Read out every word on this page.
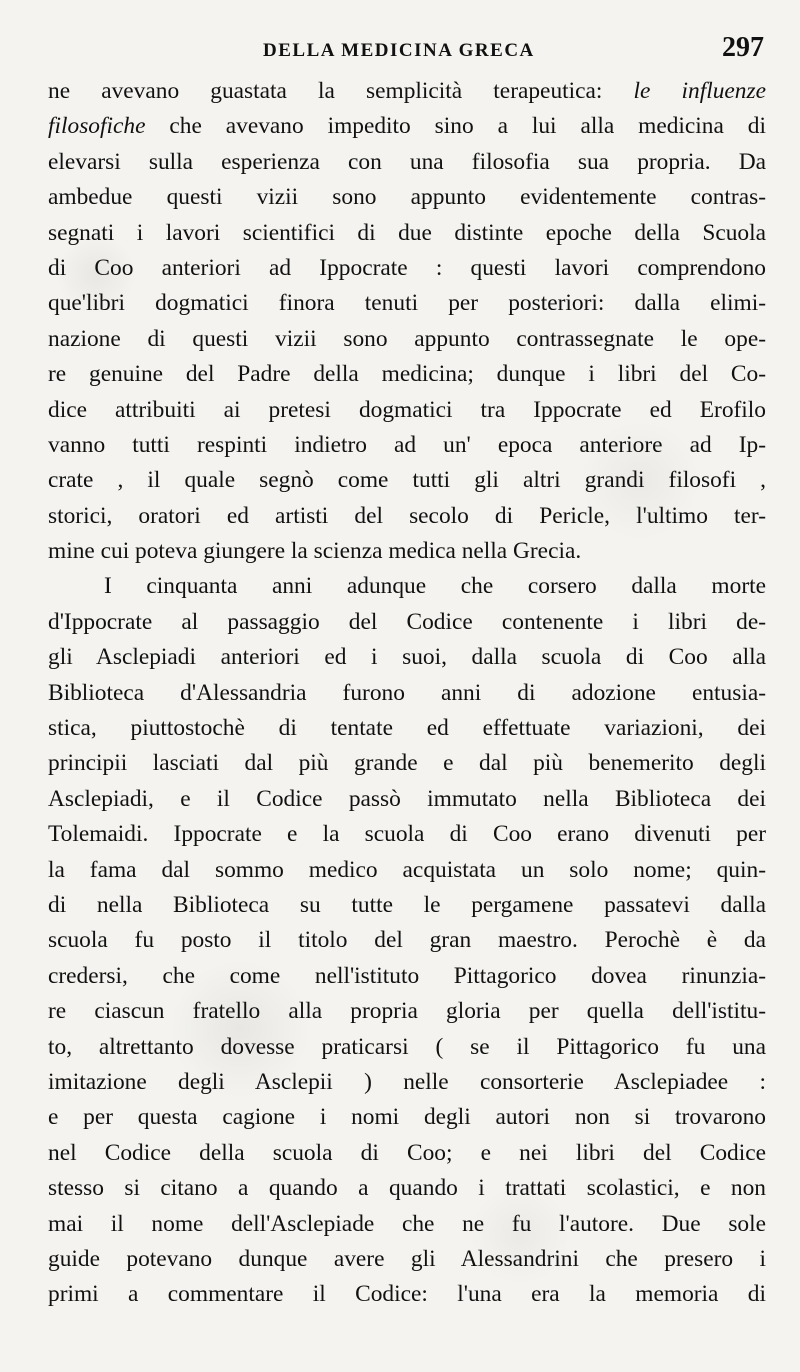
DELLA MEDICINA GRECA	297
ne avevano guastata la semplicità terapeutica: le influenze
filosofiche che avevano impedito sino a lui alla medicina di
elevarsi sulla esperienza con una filosofia sua propria. Da
ambedue questi vizii sono appunto evidentemente contras-
segnati i lavori scientifici di due distinte epoche della Scuola
di Coo anteriori ad Ippocrate : questi lavori comprendono
que'libri dogmatici finora tenuti per posteriori: dalla elimi-
nazione di questi vizii sono appunto contrassegnate le ope-
re genuine del Padre della medicina; dunque i libri del Co-
dice attribuiti ai pretesi dogmatici tra Ippocrate ed Erofilo
vanno tutti respinti indietro ad un' epoca anteriore ad Ip-
crate , il quale segnò come tutti gli altri grandi filosofi ,
storici, oratori ed artisti del secolo di Pericle, l'ultimo ter-
mine cui poteva giungere la scienza medica nella Grecia.
I cinquanta anni adunque che corsero dalla morte
d'Ippocrate al passaggio del Codice contenente i libri de-
gli Asclepiadi anteriori ed i suoi, dalla scuola di Coo alla
Biblioteca d'Alessandria furono anni di adozione entusia-
stica, piuttostochè di tentate ed effettuate variazioni, dei
principii lasciati dal più grande e dal più benemerito degli
Asclepiadi, e il Codice passò immutato nella Biblioteca dei
Tolemaidi. Ippocrate e la scuola di Coo erano divenuti per
la fama dal sommo medico acquistata un solo nome; quin-
di nella Biblioteca su tutte le pergamene passatevi dalla
scuola fu posto il titolo del gran maestro. Perochè è da
credersi, che come nell'istituto Pittagorico dovea rinunzia-
re ciascun fratello alla propria gloria per quella dell'istitu-
to, altrettanto dovesse praticarsi ( se il Pittagorico fu una
imitazione degli Asclepii ) nelle consorterie Asclepiadee :
e per questa cagione i nomi degli autori non si trovarono
nel Codice della scuola di Coo; e nei libri del Codice
stesso si citano a quando a quando i trattati scolastici, e non
mai il nome dell'Asclepiade che ne fu l'autore. Due sole
guide potevano dunque avere gli Alessandrini che presero i
primi a commentare il Codice: l'una era la memoria di
